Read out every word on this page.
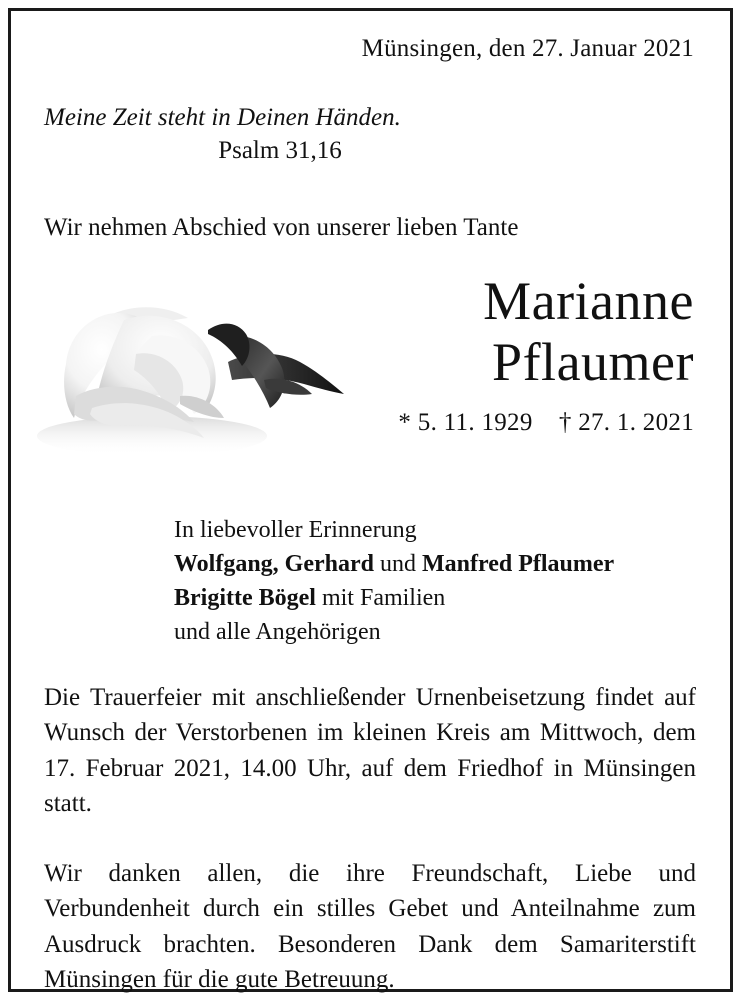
Münsingen, den 27. Januar 2021
Meine Zeit steht in Deinen Händen.
Psalm 31,16
Wir nehmen Abschied von unserer lieben Tante
Marianne
Pflaumer
* 5. 11. 1929    † 27. 1. 2021
In liebevoller Erinnerung
Wolfgang, Gerhard und Manfred Pflaumer
Brigitte Bögel mit Familien
und alle Angehörigen
Die Trauerfeier mit anschließender Urnenbeisetzung findet auf Wunsch der Verstorbenen im kleinen Kreis am Mittwoch, dem 17. Februar 2021, 14.00 Uhr, auf dem Friedhof in Münsingen statt.
Wir danken allen, die ihre Freundschaft, Liebe und Verbundenheit durch ein stilles Gebet und Anteilnahme zum Ausdruck brachten. Besonderen Dank dem Samariterstift Münsingen für die gute Betreuung.
